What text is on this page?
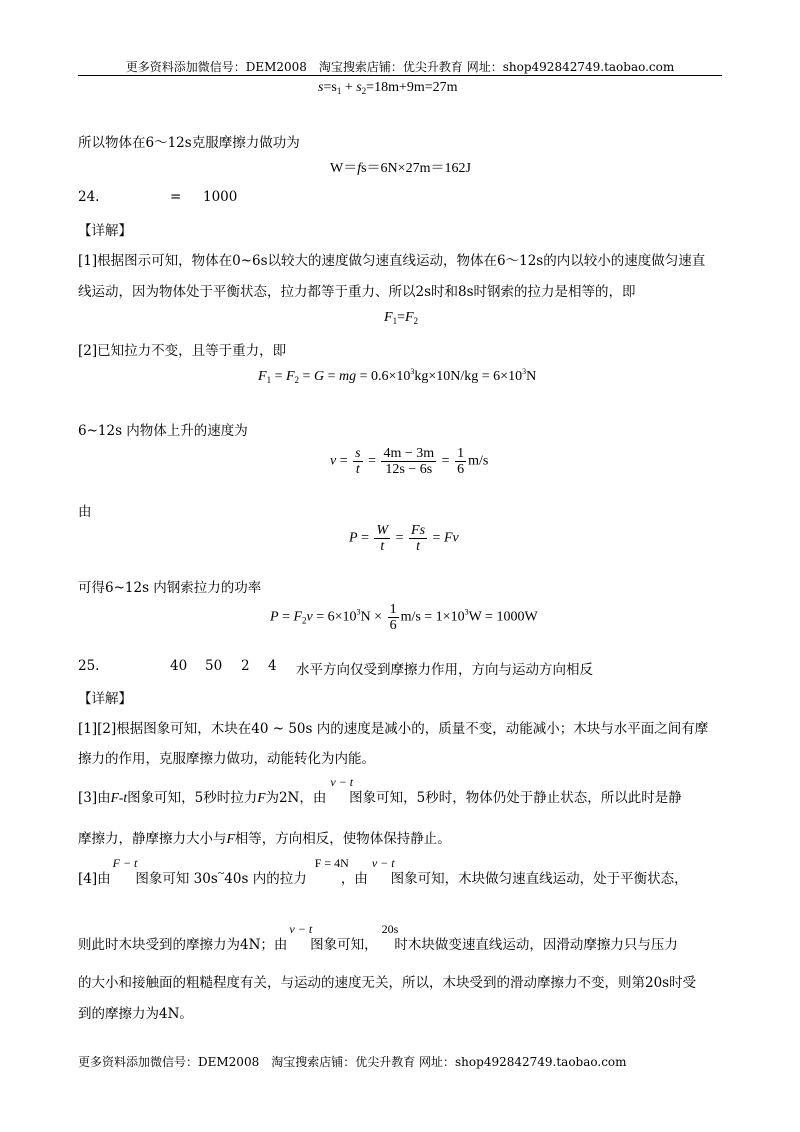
更多资料添加微信号：DEM2008　淘宝搜索店铺：优尖升教育 网址：shop492842749.taobao.com
$s=s_1 + s_2=18m+9m=27m$
所以物体在6～12s克服摩擦力做功为
W＝fs＝6N×27m＝162J
24.	= 1000
【详解】
[1]根据图示可知，物体在0~6s以较大的速度做匀速直线运动，物体在6～12s的内以较小的速度做匀速直
线运动，因为物体处于平衡状态，拉力都等于重力、所以2s时和8s时钢索的拉力是相等的，即
$F_1=F_2$
[2]已知拉力不变，且等于重力，即
$F_1 = F_2 = G$ = mg = $0.6\times 10^3kg\times 10N/kg = 6\times 10^3N$
6~12s 内物体上升的速度为
$v = \frac{s}{t} = \frac{4m - 3m}{12s - 6s} = \frac{1}{6} m/s$
由
$P = \frac{W}{t} = \frac{Fs}{t} = Fv$
可得6~12s 内钢索拉力的功率
$P = F_2v = 6\times 10^3N \times \frac{1}{6} m/s = 1\times 10^3W = 1000W$
25.	40 50 2 4 水平方向仅受到摩擦力作用，方向与运动方向相反
【详解】
[1][2]根据图象可知，木块在40 ~ 50s 内的速度是减小的，质量不变，动能减小；木块与水平面之间有摩
擦力的作用，克服摩擦力做功，动能转化为内能。
[3]由F-t图象可知，5秒时拉力F为2N，由v − t图象可知，5秒时，物体仍处于静止状态，所以此时是静
摩擦力，静摩擦力大小与F相等，方向相反，使物体保持静止。
[4]由F − t图象可知 30s~40s 内的拉力F = 4N，由v − t图象可知，木块做匀速直线运动，处于平衡状态，
则此时木块受到的摩擦力为4N；由v − t图象可知，20s时木块做变速直线运动，因滑动摩擦力只与压力
的大小和接触面的粗糙程度有关，与运动的速度无关，所以，木块受到的滑动摩擦力不变，则第20s时受
到的摩擦力为4N。
更多资料添加微信号：DEM2008　淘宝搜索店铺：优尖升教育 网址：shop492842749.taobao.com
